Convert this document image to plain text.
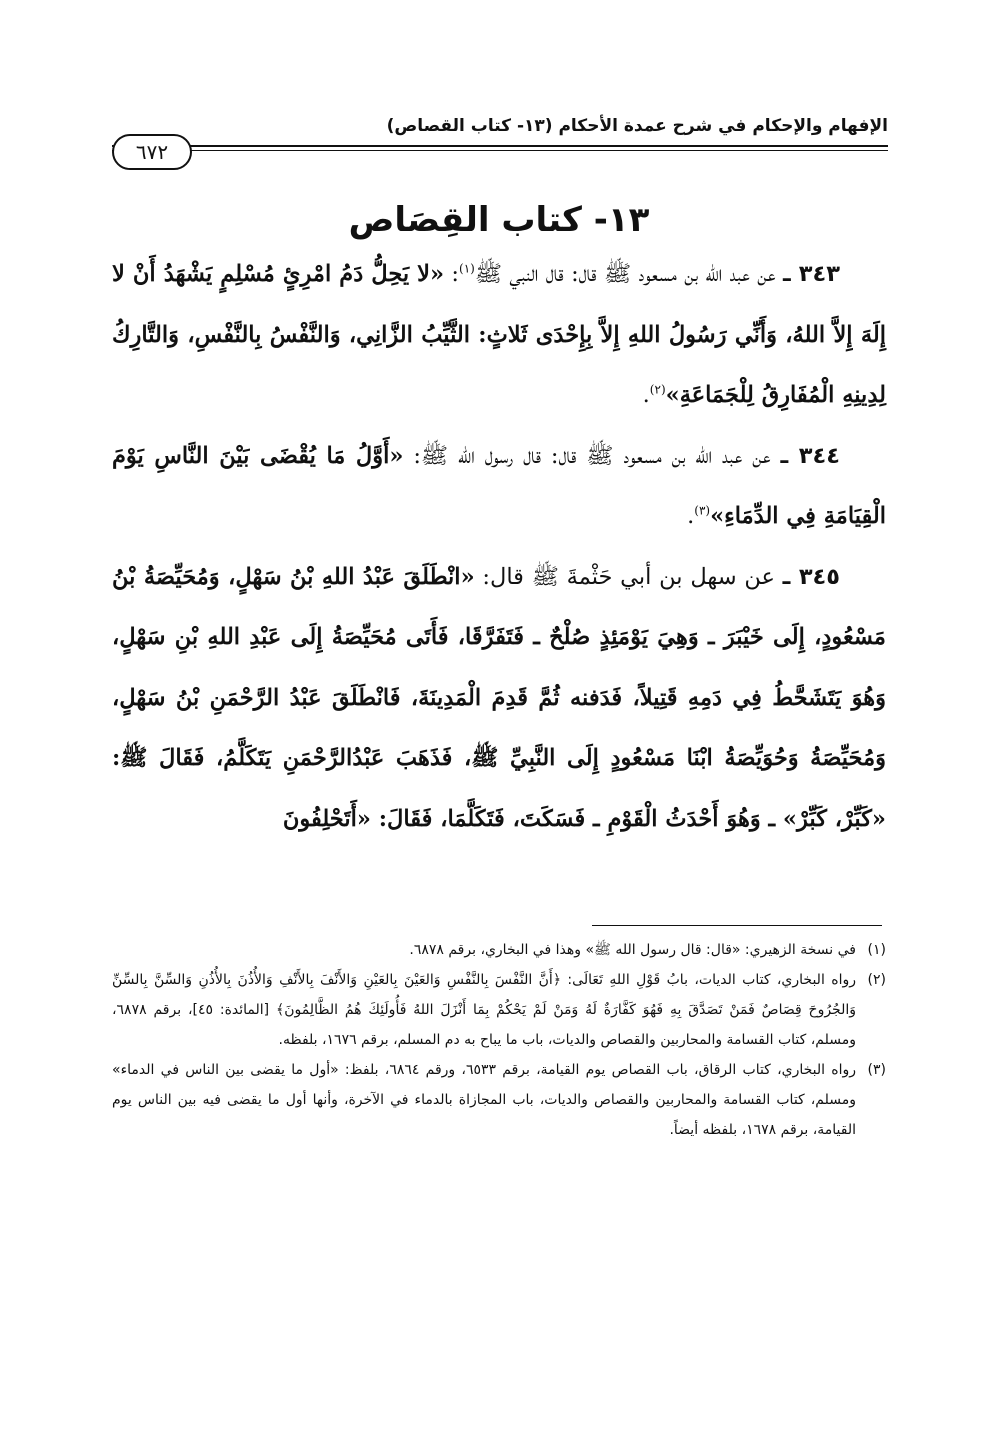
الإفهام والإحكام في شرح عمدة الأحكام (١٣- كتاب القصاص)
٦٧٢
١٣- كتاب القِصَاص

٣٤٣ ـ عن عبد الله بن مسعود ﷺ قال: قال النبي ﷺ$^{(١)}$: «لا يَحِلُّ دَمُ امْرِئٍ مُسْلِمٍ يَشْهَدُ أَنْ لا إِلَهَ إِلاَّ اللهُ، وَأَنِّي رَسُولُ اللهِ إِلاَّ بِإِحْدَى ثَلاثٍ: الثَّيِّبُ الزَّانِي، وَالنَّفْسُ بِالنَّفْسِ، وَالتَّارِكُ لِدِينِهِ الْمُفَارِقُ لِلْجَمَاعَةِ»$^{(٢)}$.

٣٤٤ ـ عن عبد الله بن مسعود ﷺ قال: قال رسول الله ﷺ: «أَوَّلُ مَا يُقْضَى بَيْنَ النَّاسِ يَوْمَ الْقِيَامَةِ فِي الدِّمَاءِ»$^{(٣)}$.

٣٤٥ ـ عن سهل بن أبي حَثْمةَ ﷺ قال: «انْطَلَقَ عَبْدُ اللهِ بْنُ سَهْلٍ، وَمُحَيِّصَةُ بْنُ مَسْعُودٍ، إِلَى خَيْبَرَ ـ وَهِيَ يَوْمَئِذٍ صُلْحٌ ـ فَتَفَرَّقَا، فَأَتَى مُحَيِّصَةُ إِلَى عَبْدِ اللهِ بْنِ سَهْلٍ، وَهُوَ يَتَشَحَّطُ فِي دَمِهِ قَتِيلاً، فَدَفنه ثُمَّ قَدِمَ الْمَدِينَةَ، فَانْطَلَقَ عَبْدُ الرَّحْمَنِ بْنُ سَهْلٍ، وَمُحَيِّصَةُ وَحُوَيِّصَةُ ابْنَا مَسْعُودٍ إِلَى النَّبِيِّ ﷺ، فَذَهَبَ عَبْدُالرَّحْمَنِ يَتَكَلَّمُ، فَقَالَ ﷺ: «كَبِّرْ، كَبِّرْ» ـ وَهُوَ أَحْدَثُ الْقَوْمِ ـ فَسَكَتَ، فَتَكَلَّمَا، فَقَالَ: «أَتَحْلِفُونَ

(١)في نسخة الزهيري: «قال: قال رسول الله ﷺ» وهذا في البخاري، برقم ٦٨٧٨.

(٢)رواه البخاري، كتاب الديات، بابُ قَوْلِ اللهِ تَعَالَى: ﴿أَنَّ النَّفْسَ بِالنَّفْسِ وَالعَيْنَ بِالعَيْنِ وَالأَنْفَ بِالأَنْفِ وَالأُذُنَ بِالأُذُنِ وَالسِّنَّ بِالسِّنِّ وَالجُرُوحَ قِصَاصٌ فَمَنْ تَصَدَّقَ بِهِ فَهُوَ كَفَّارَةٌ لَهُ وَمَنْ لَمْ يَحْكُمْ بِمَا أَنْزَلَ اللهُ فَأُولَئِكَ هُمُ الظَّالِمُونَ﴾ [المائدة: ٤٥]، برقم ٦٨٧٨، ومسلم، كتاب القسامة والمحاربين والقصاص والديات، باب ما يباح به دم المسلم، برقم ١٦٧٦، بلفظه.

(٣)رواه البخاري، كتاب الرقاق، باب القصاص يوم القيامة، برقم ٦٥٣٣، ورقم ٦٨٦٤، بلفظ: «أول ما يقضى بين الناس في الدماء» ومسلم، كتاب القسامة والمحاربين والقصاص والديات، باب المجازاة بالدماء في الآخرة، وأنها أول ما يقضى فيه بين الناس يوم القيامة، برقم ١٦٧٨، بلفظه أيضاً.
